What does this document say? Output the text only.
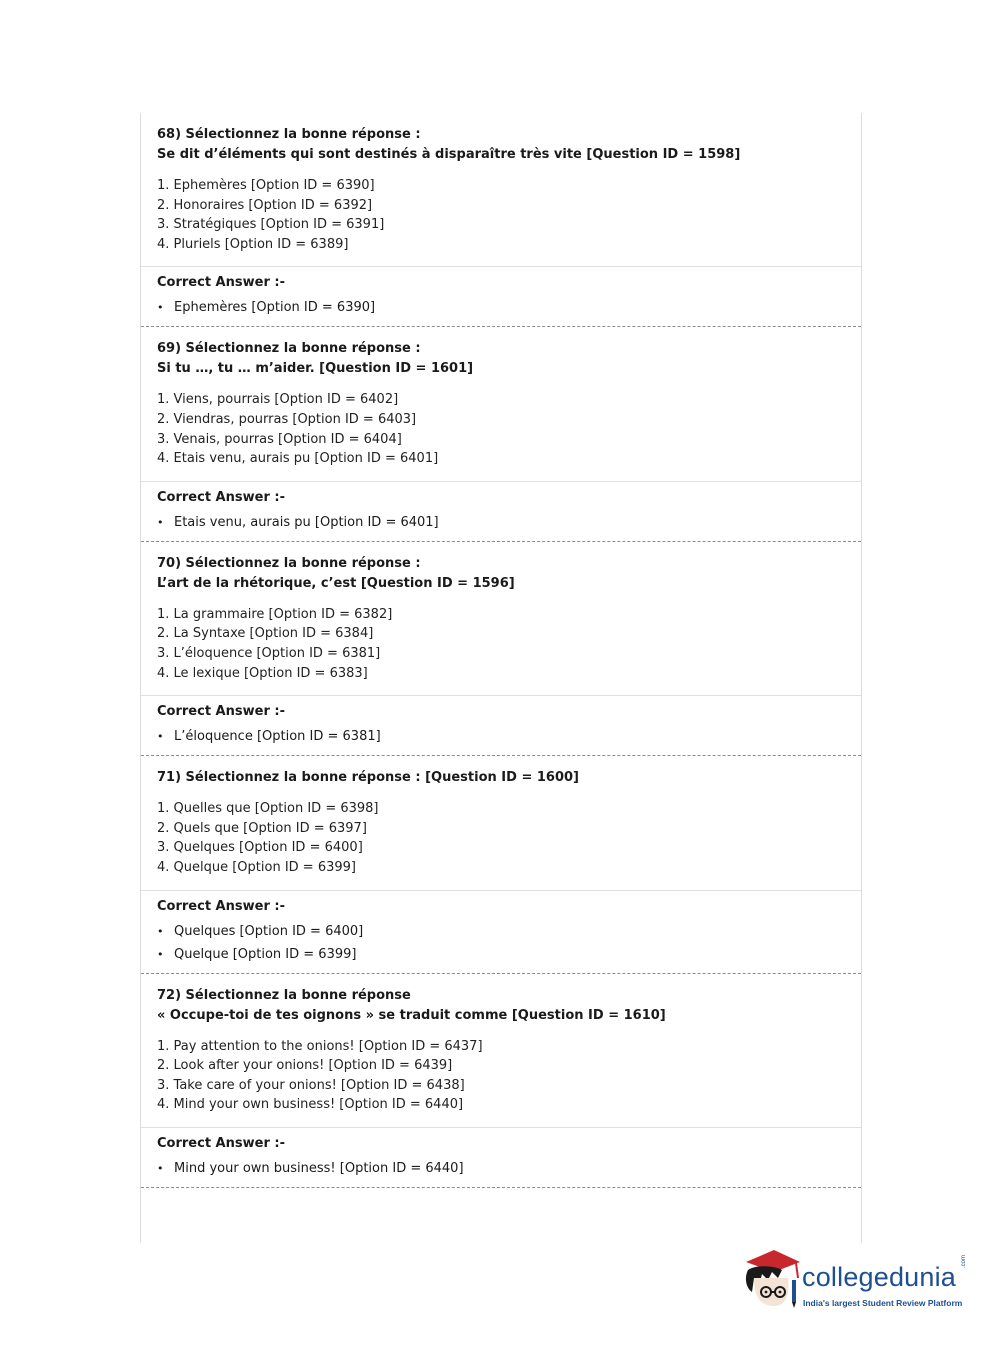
68) Sélectionnez la bonne réponse :
Se dit d’éléments qui sont destinés à disparaître très vite [Question ID = 1598]
1. Ephemères [Option ID = 6390]
2. Honoraires [Option ID = 6392]
3. Stratégiques [Option ID = 6391]
4. Pluriels [Option ID = 6389]
Correct Answer :-
• Ephemères [Option ID = 6390]
69) Sélectionnez la bonne réponse :
Si tu …, tu … m’aider. [Question ID = 1601]
1. Viens, pourrais [Option ID = 6402]
2. Viendras, pourras [Option ID = 6403]
3. Venais, pourras [Option ID = 6404]
4. Etais venu, aurais pu [Option ID = 6401]
Correct Answer :-
• Etais venu, aurais pu [Option ID = 6401]
70) Sélectionnez la bonne réponse :
L’art de la rhétorique, c’est [Question ID = 1596]
1. La grammaire [Option ID = 6382]
2. La Syntaxe [Option ID = 6384]
3. L’éloquence [Option ID = 6381]
4. Le lexique [Option ID = 6383]
Correct Answer :-
• L’éloquence [Option ID = 6381]
71) Sélectionnez la bonne réponse : [Question ID = 1600]
1. Quelles que [Option ID = 6398]
2. Quels que [Option ID = 6397]
3. Quelques [Option ID = 6400]
4. Quelque [Option ID = 6399]
Correct Answer :-
• Quelques [Option ID = 6400]
• Quelque [Option ID = 6399]
72) Sélectionnez la bonne réponse
« Occupe-toi de tes oignons » se traduit comme [Question ID = 1610]
1. Pay attention to the onions! [Option ID = 6437]
2. Look after your onions! [Option ID = 6439]
3. Take care of your onions! [Option ID = 6438]
4. Mind your own business! [Option ID = 6440]
Correct Answer :-
• Mind your own business! [Option ID = 6440]
collegedunia
.com
India's largest Student Review Platform
